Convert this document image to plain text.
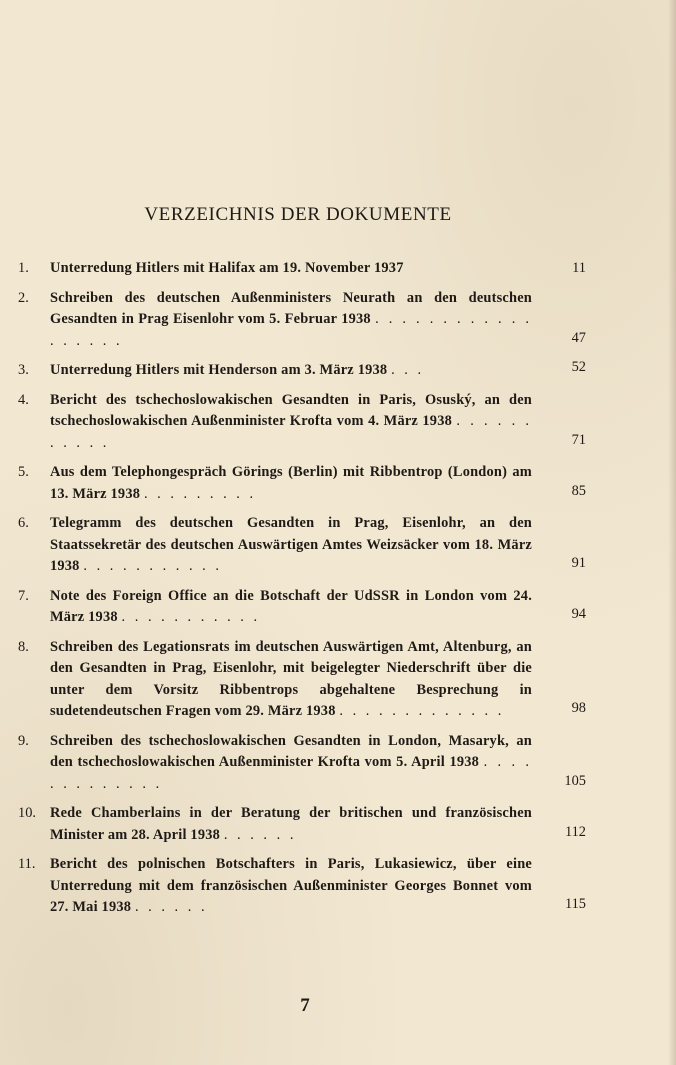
VERZEICHNIS DER DOKUMENTE
1.	Unterredung Hitlers mit Halifax am 19. November 1937	11
2.	Schreiben des deutschen Außenministers Neurath an den deutschen Gesandten in Prag Eisenlohr vom 5. Februar 1938 . . . . . . . . . . . . . . . . . .	47
3.	Unterredung Hitlers mit Henderson am 3. März 1938 . . .	52
4.	Bericht des tschechoslowakischen Gesandten in Paris, Osuský, an den tschechoslowakischen Außenminister Krofta vom 4. März 1938 . . . . . . . . . . .	71
5.	Aus dem Telephongespräch Görings (Berlin) mit Ribbentrop (London) am 13. März 1938 . . . . . . . . .	85
6.	Telegramm des deutschen Gesandten in Prag, Eisenlohr, an den Staatssekretär des deutschen Auswärtigen Amtes Weizsäcker vom 18. März 1938 . . . . . . . . . . .	91
7.	Note des Foreign Office an die Botschaft der UdSSR in London vom 24. März 1938 . . . . . . . . . . .	94
8.	Schreiben des Legationsrats im deutschen Auswärtigen Amt, Altenburg, an den Gesandten in Prag, Eisenlohr, mit beigelegter Niederschrift über die unter dem Vorsitz Ribbentrops abgehaltene Besprechung in sudetendeutschen Fragen vom 29. März 1938 . . . . . . . . . . . . .	98
9.	Schreiben des tschechoslowakischen Gesandten in London, Masaryk, an den tschechoslowakischen Außenminister Krofta vom 5. April 1938 . . . . . . . . . . . . .	105
10. Rede Chamberlains in der Beratung der britischen und französischen Minister am 28. April 1938 . . . . . .	112
11.	Bericht des polnischen Botschafters in Paris, Lukasiewicz, über eine Unterredung mit dem französischen Außenminister Georges Bonnet vom 27. Mai 1938 . . . . . .	115

7
